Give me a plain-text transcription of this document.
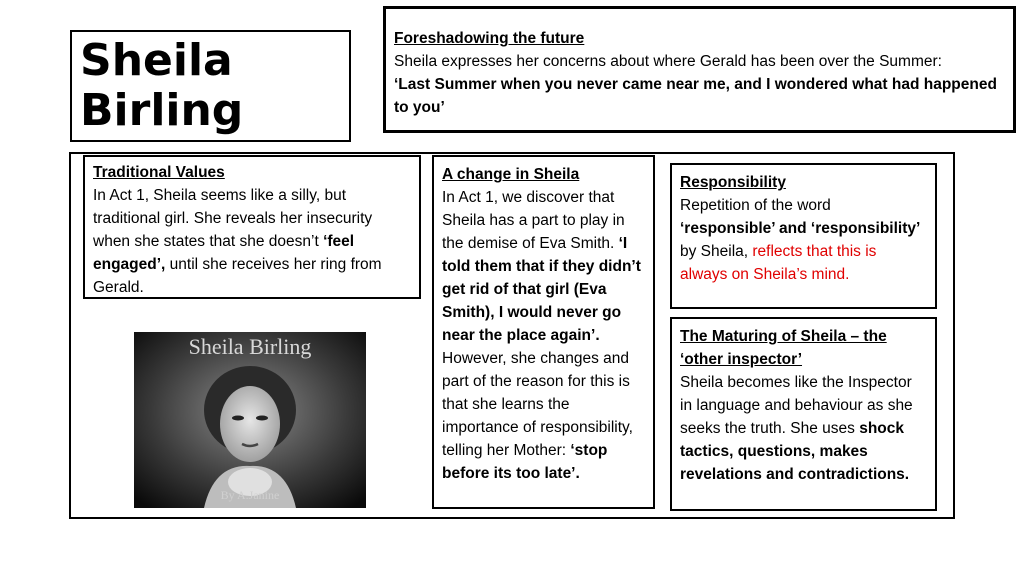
Sheila Birling
Foreshadowing the future
Sheila expresses her concerns about where Gerald has been over the Summer:
‘Last Summer when you never came near me, and I wondered what had happened to you’
Traditional Values
In Act 1, Sheila seems like a silly, but traditional girl. She reveals her insecurity when she states that she doesn’t ‘feel engaged’, until she receives her ring from Gerald.
A change in Sheila
In Act 1, we discover that Sheila has a part to play in the demise of Eva Smith. ‘I told them that if they didn’t get rid of that girl (Eva Smith), I would never go near the place again’. However, she changes and part of the reason for this is that she learns the importance of responsibility, telling her Mother: ‘stop before its too late’.
Responsibility
Repetition of the word ‘responsible’ and ‘responsibility’ by Sheila, reflects that this is always on Sheila’s mind.
The Maturing of Sheila – the ‘other inspector’
Sheila becomes like the Inspector in language and behaviour as she seeks the truth. She uses shock tactics, questions, makes revelations and contradictions.
Sheila Birling
By A.Janine
